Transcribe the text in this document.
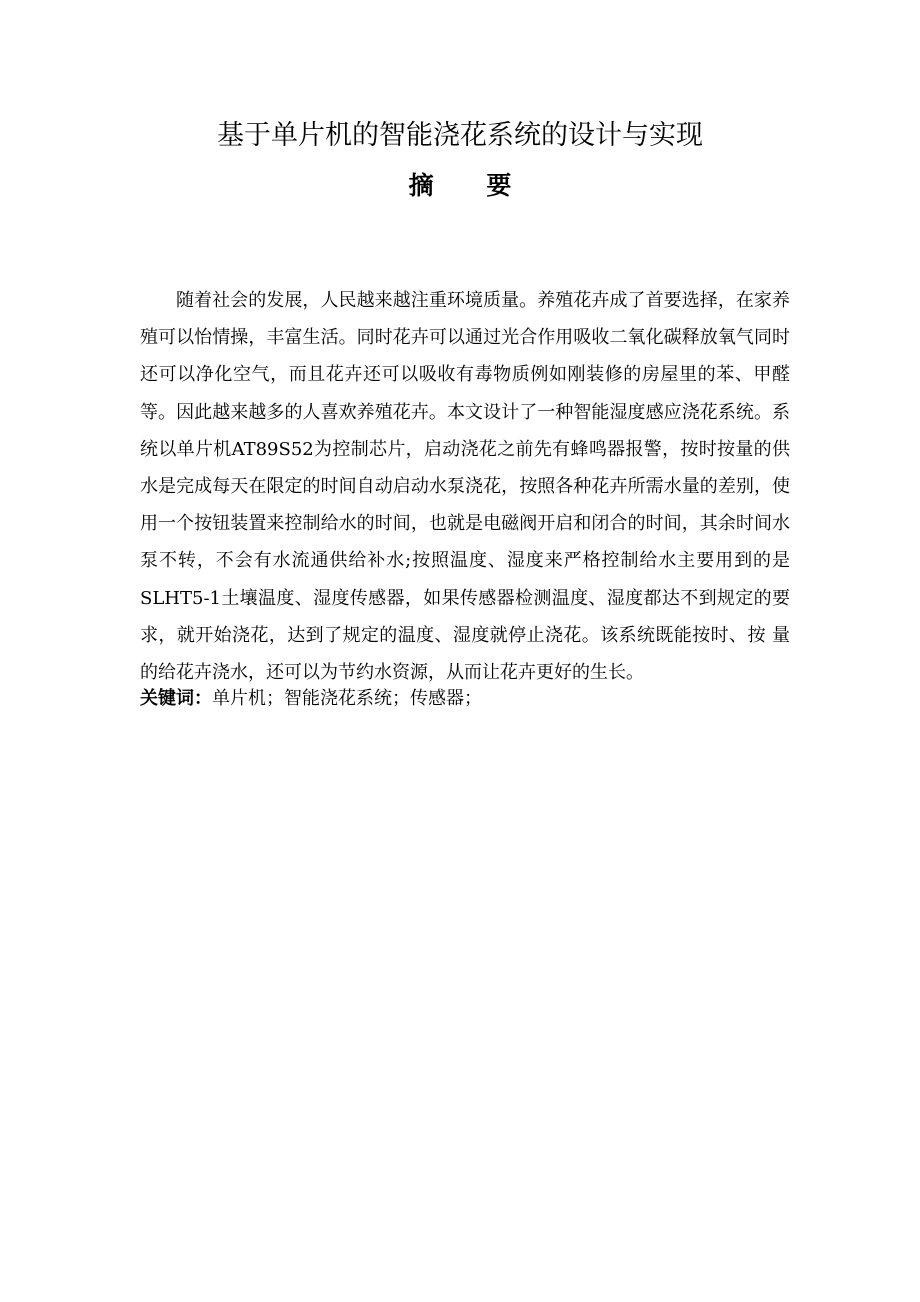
基于单片机的智能浇花系统的设计与实现
摘 要

随着社会的发展，人民越来越注重环境质量。养殖花卉成了首要选择，在家养殖可以怡情操，丰富生活。同时花卉可以通过光合作用吸收二氧化碳释放氧气同时还可以净化空气，而且花卉还可以吸收有毒物质例如刚装修的房屋里的苯、甲醛等。因此越来越多的人喜欢养殖花卉。本文设计了一种智能湿度感应浇花系统。系统以单片机AT89S52为控制芯片，启动浇花之前先有蜂鸣器报警，按时按量的供水是完成每天在限定的时间自动启动水泵浇花，按照各种花卉所需水量的差别，使用一个按钮装置来控制给水的时间，也就是电磁阀开启和闭合的时间，其余时间水泵不转，不会有水流通供给补水;按照温度、湿度来严格控制给水主要用到的是SLHT5-1土壤温度、湿度传感器，如果传感器检测温度、湿度都达不到规定的要求，就开始浇花，达到了规定的温度、湿度就停止浇花。该系统既能按时、按 量的给花卉浇水，还可以为节约水资源，从而让花卉更好的生长。

关键词：单片机；智能浇花系统；传感器；
